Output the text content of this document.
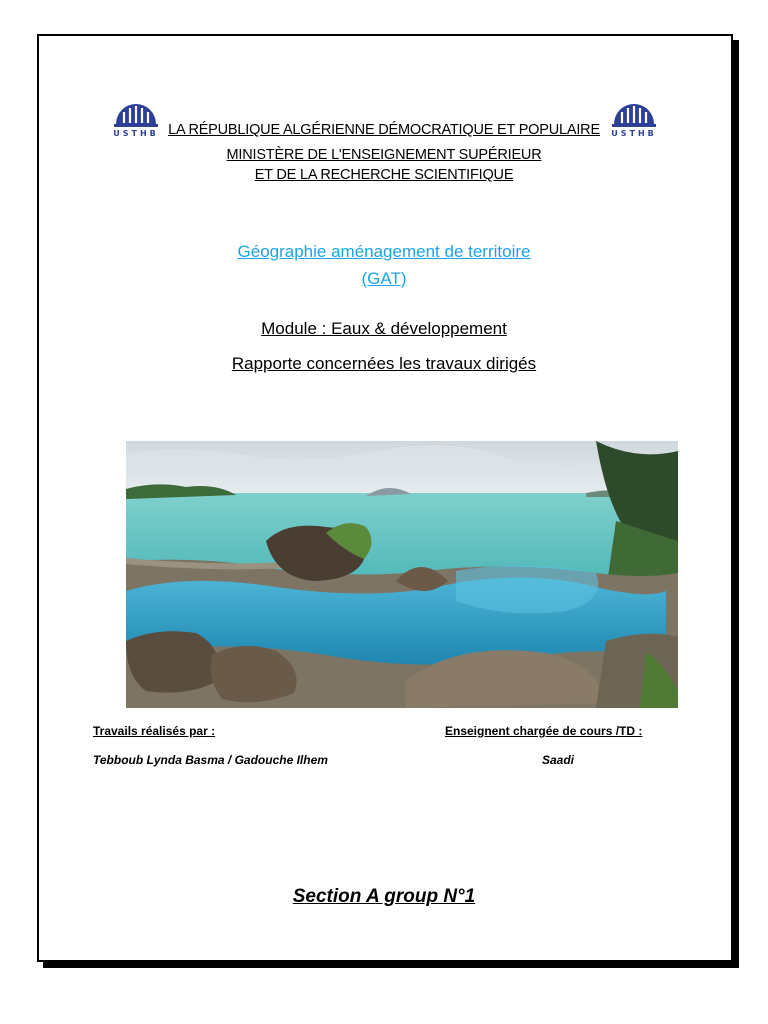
USTHB	USTHB
LA RÉPUBLIQUE ALGÉRIENNE DÉMOCRATIQUE ET POPULAIRE
MINISTÈRE DE L'ENSEIGNEMENT SUPÉRIEUR
ET DE LA RECHERCHE SCIENTIFIQUE
Géographie aménagement de territoire
(GAT)
Module : Eaux & développement
Rapporte concernées les travaux dirigés
Travails réalisés par :	Enseignent chargée de cours /TD :
Tebboub Lynda Basma / Gadouche Ilhem	Saadi
Section A group N°1
